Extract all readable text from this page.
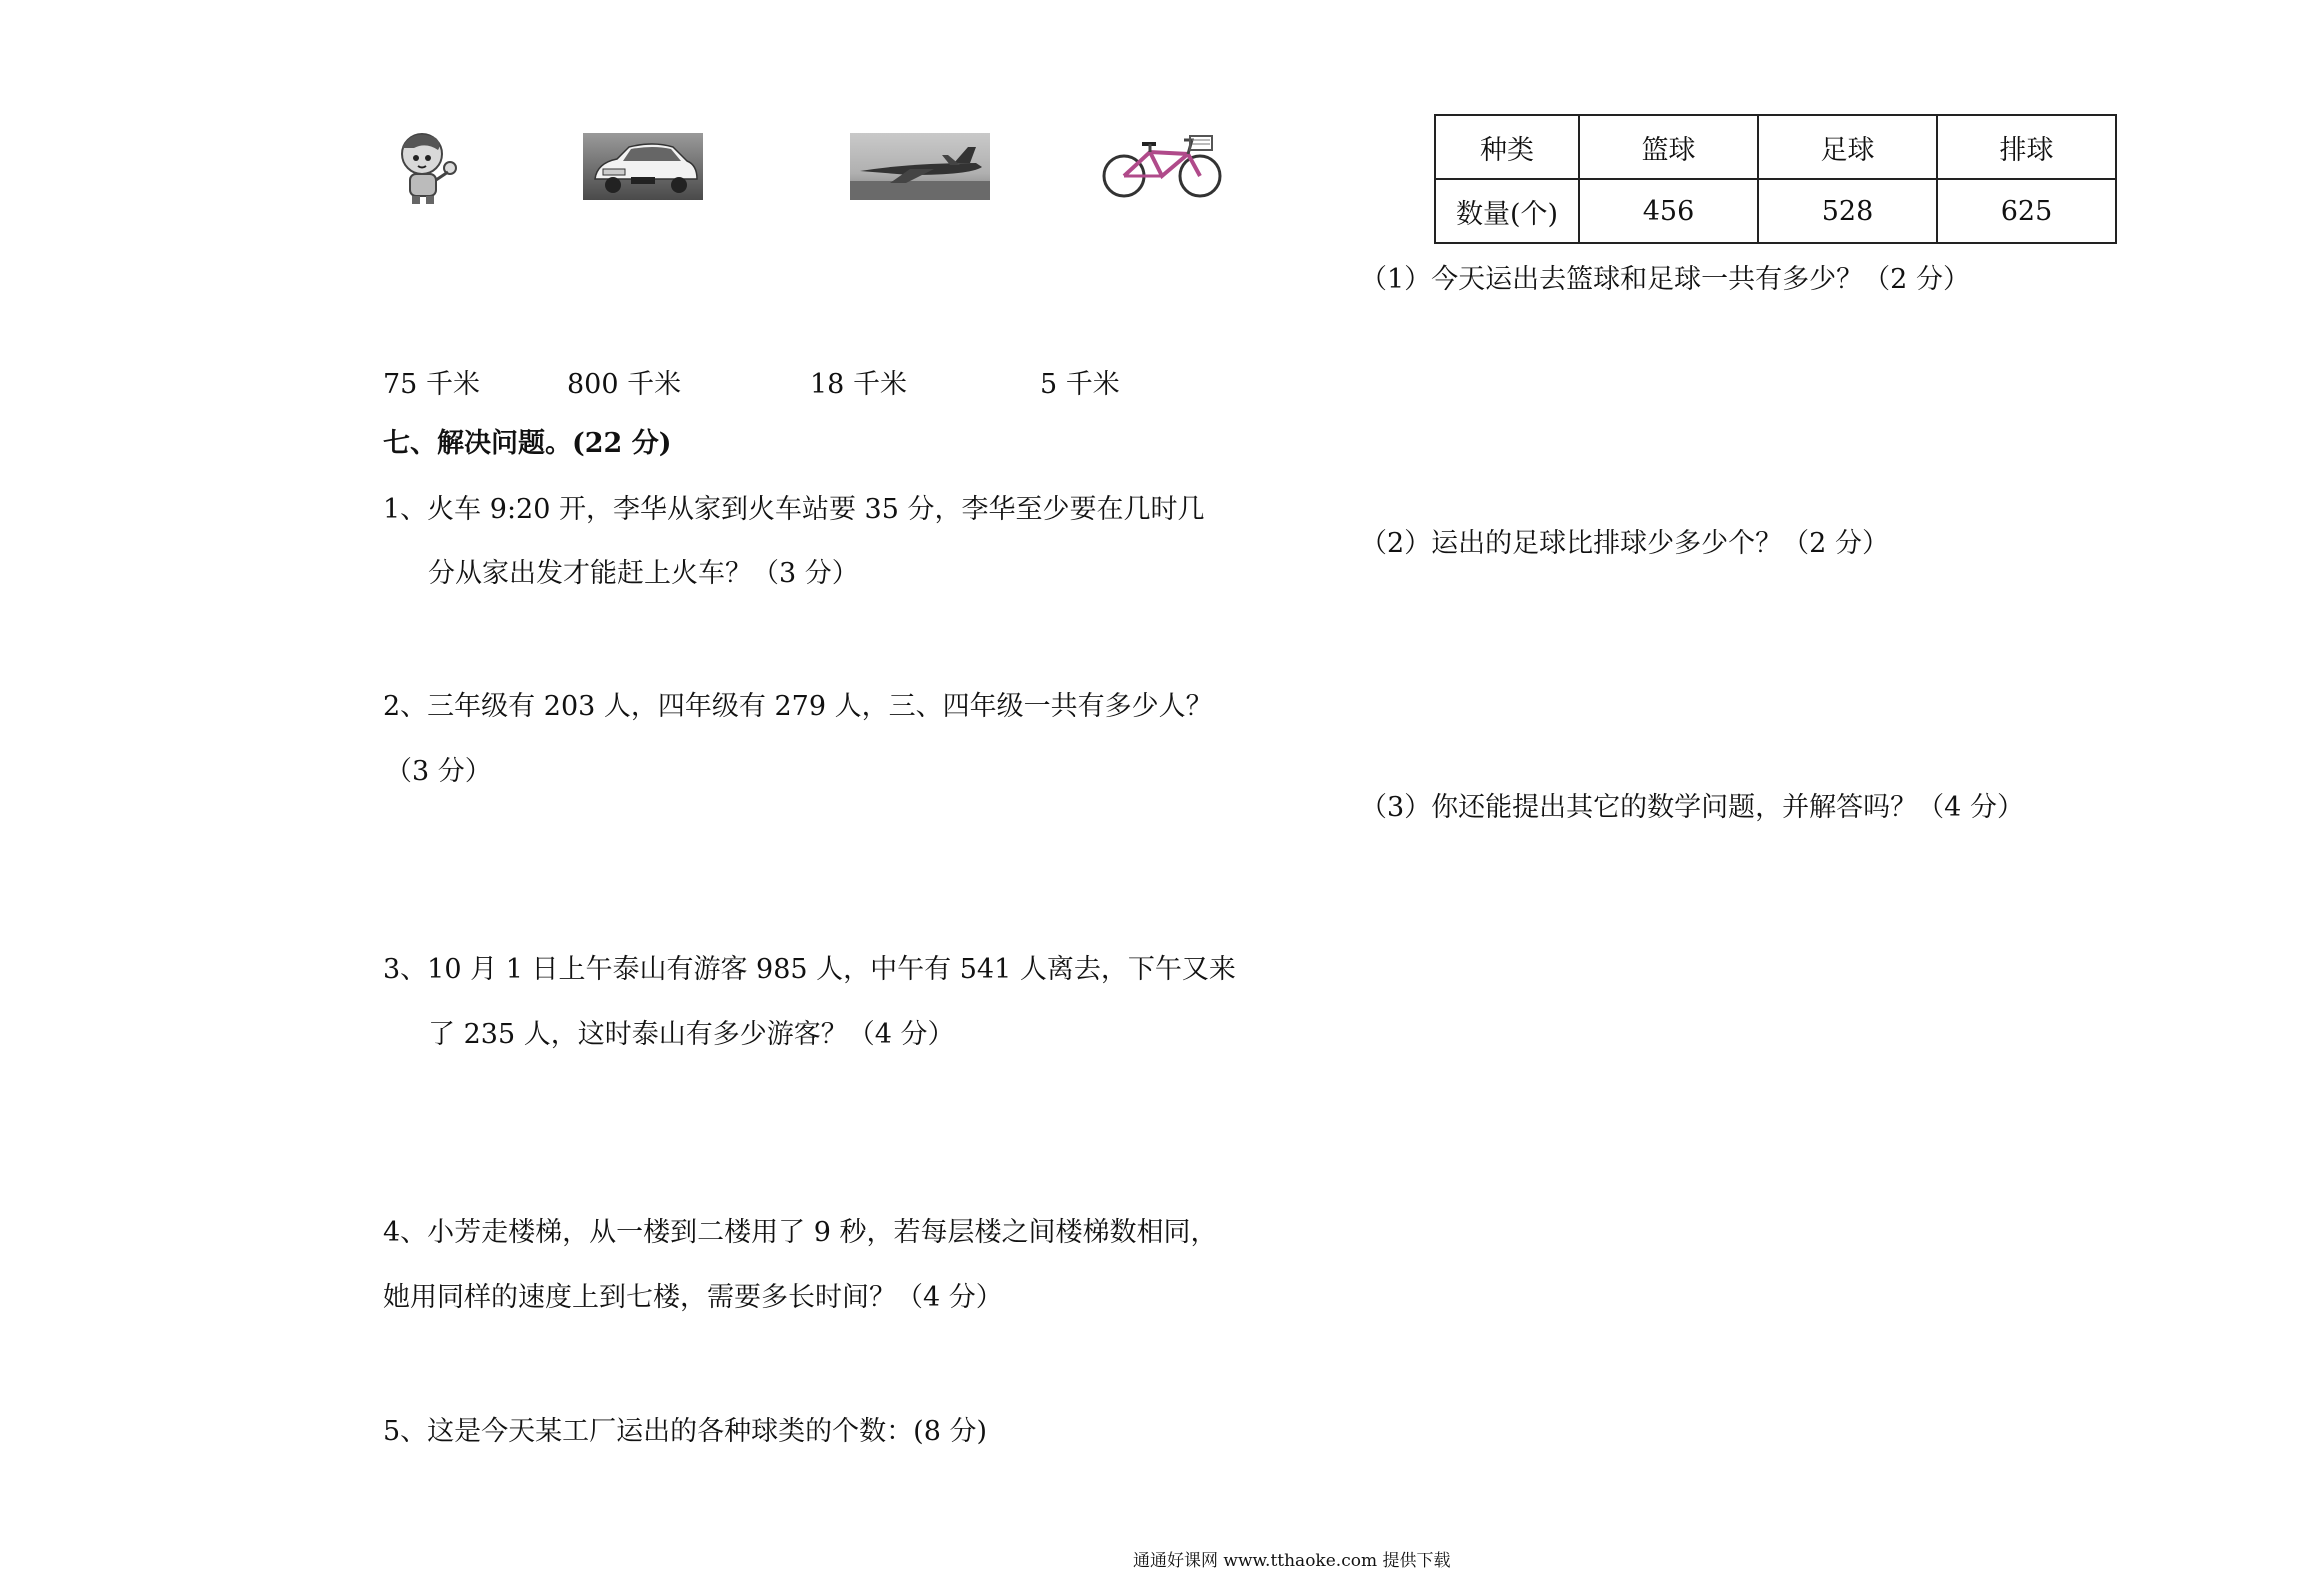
75 千米	800 千米	18 千米	5 千米
七、解决问题。(22 分)
1、火车 9:20 开，李华从家到火车站要 35 分，李华至少要在几时几
分从家出发才能赶上火车？（3 分）
2、三年级有 203 人，四年级有 279 人，三、四年级一共有多少人？
（3 分）
3、10 月 1 日上午泰山有游客 985 人，中午有 541 人离去，下午又来
了 235 人，这时泰山有多少游客？（4 分）
4、小芳走楼梯，从一楼到二楼用了 9 秒，若每层楼之间楼梯数相同，
她用同样的速度上到七楼，需要多长时间？（4 分）
5、这是今天某工厂运出的各种球类的个数：(8 分)
种类	篮球	足球	排球
数量(个)	456	528	625
（1）今天运出去篮球和足球一共有多少？（2 分）
（2）运出的足球比排球少多少个？（2 分）
（3）你还能提出其它的数学问题，并解答吗？（4 分）
通通好课网 www.tthaoke.com 提供下载
